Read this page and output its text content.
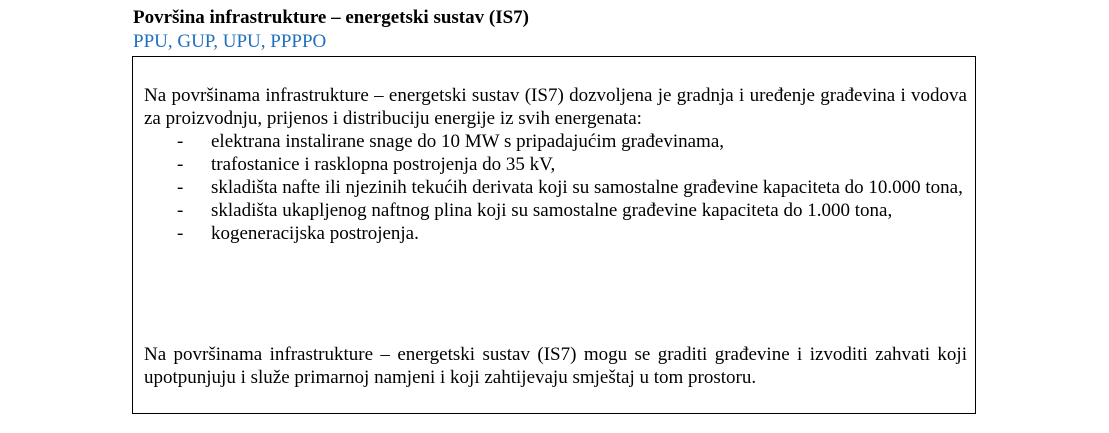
Površina infrastrukture – energetski sustav (IS7)
PPU, GUP, UPU, PPPPO
Na površinama infrastrukture – energetski sustav (IS7) dozvoljena je gradnja i uređenje građevina i vodova za proizvodnju, prijenos i distribuciju energije iz svih energenata:
- elektrana instalirane snage do 10 MW s pripadajućim građevinama,
- trafostanice i rasklopna postrojenja do 35 kV,
- skladišta nafte ili njezinih tekućih derivata koji su samostalne građevine kapaciteta do 10.000 tona,
- skladišta ukapljenog naftnog plina koji su samostalne građevine kapaciteta do 1.000 tona,
- kogeneracijska postrojenja.
Na površinama infrastrukture – energetski sustav (IS7) mogu se graditi građevine i izvoditi zahvati koji upotpunjuju i služe primarnoj namjeni i koji zahtijevaju smještaj u tom prostoru.
